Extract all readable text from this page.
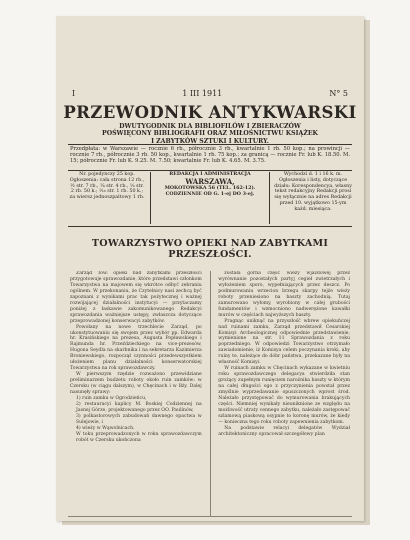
I	1 III 1911	N° 5
PRZEWODNIK ANTYKWARSKI
DWUTYGODNIK DLA BIBLIOFILÓW I ZBIERACZÓW
POŚWIĘCONY BIBLIOGRAFII ORAZ MIŁOŚNICTWU KSIĄŻEK
I ZABYTKÓW SZTUKI I KULTURY.
Przedpłata: w Warszawie — rocznie 6 rb., półrocznie 3 rb., kwartalnie 1 rb. 50 kop.; na prowincji — rocznie 7 rb., półrocznie 3 rb. 50 kop., kwartalnie 1 rb. 75 kop.; za granicą — rocznie Fr. lub K. 18.50. M. 15; półrocznie Fr. lub K. 9.25. M. 7.50; kwartalnie Fr. lub K. 4.65. M. 3.75.
Nr. pojedynczy 25 kop.
Ogłoszenia: cała strona 12 rb., ½ str. 7 rb., ¼ str. 4 rb., ⅛ str. 2 rb. 50 k.; ¹⁄₁₆ str. 1 rb. 50 k.; za wiersz jednoszpaltowy 1 rb.
REDAKCJA I ADMINISTRACJA
WARSZAWA,
MOKOTOWSKA 56 (TEL. 162-12).
CODZIENNIE OD G. 1-ej DO 3-ej.
Wychodzi d. 1 i 16 k. m.
Ogłoszenia i listy, dotyczące działu: Korespondencya, własny tekst redakcyjny Redakcji prosi się wyłącznie na adres Redakcji przed 10. wyjątkowo 15-ym każd. miesiąca.
TOWARZYSTWO OPIEKI NAD ZABYTKAMI
PRZESZŁOŚCI.

Zarząd Tow. opieki nad zabytkami przeszłości przygotowuje sprawozdanie, które przedstawi członkom Towarzystwa na majowem się wkrótce odbyć zebraniu ogólnem. W przekonaniu, że Czytelnicy nasi zechcą być zapoznani z wynikami prac tak pożytecznej i ważnej rozwijającej działalności instytucyi — przytaczamy poniżej z łaskawie zakomunikowanego Redakcyi sprawozdania ważniejsze ustępy, zwłaszcza dotyczące przeprowadzonej konserwacyi zabytków.

Powołany na nowe trzechlecie Zarząd, po ukonstytuowaniu się swojem przez wybór pp. Edwarda hr. Krasińskiego na prezesa, Augusta Popławskiego i Rajmunda hr. Przeździeckiego na vice-prezesów, Hugona Seydla na skarbnika i na sekretarza Kazimierza Broniewskiego, rozpoczął czynności przedewszystkiem ułożeniem planu działalności konserwatorskiej Towarzystwa na rok sprawozdawczy.

W pierwszym rzędzie rozważono przewidziane preliminarzem budżetu roboty około ruin zamków: w Czersku (w ciągu dalszym), w Chęcinach i w Iłży. Dalej nasunęły sprawy:

1) ruin zamku w Ogrodzieńcu,

2) restauracyi kaplicy M. Boskiej Codziennej na Jasnej Górze, projektowanego przez OO. Paulinów,

3) polkastorowych zabudowań dawnego opactwa w Sulejowie, i

4) wieży w Wąwolnicach.

W toku przeprowadzonych w roku sprawozdawczym robót w Czersku ukończona

została górna część wieży wjazdowej przez wyrównanie pozostałych partyj cegieł zwietrzałych i wyłożeniem sporo, wypełniających przez deszcz. Po podmurowaniu wrzecion brzegu skarpy tejże wieży roboty przeniesiono na baszty zachodnią. Tutaj zamurowano wyłomy, wyrobiony w całej grubości fundamentów i wzmocniono nadwerężone kawałki murów w częściach najwyższych baszty.

Pragnąc uniknąć na przyszłość wbrew opiekuńczej nad ruinami zamku, Zarząd przedstawił Cesarskiej Komisyi Archeologicznej odpowiednie przedstawienie, wymienione na str. 11 Sprawozdania z roku poprzedniego. W odpowiedzi Towarzystwo otrzymało zawiadomienie, iż Komisya celem poczynania kroki, aby ruiny te, należące do dóbr państwa, przekazane były na własność Komisyi.

W ruinach zamku w Chęcinach wykazane w kwietniu roku sprawozdawczego delegacya stwierdziła stan grożący zupełnym runięciem narożnika baszty w którym na całej długości ogo z przyczynienia powstał przez zmyślnie wyprzedawanie opuszczonych wprost środ. Należało przystępować do wymurowania brakujących części. Niemniej wynikały nieuniknione ze względu na możliwość utraty cennego zabytku, należało zastępować szlamową piaskową osypnie to koronę murów, że kiedy — konieczna tego roku roboty zapewnienia zabytkom.

Na podstawie relacyi delegatów Wydział architektoniczny opracował szczegółowy plan
